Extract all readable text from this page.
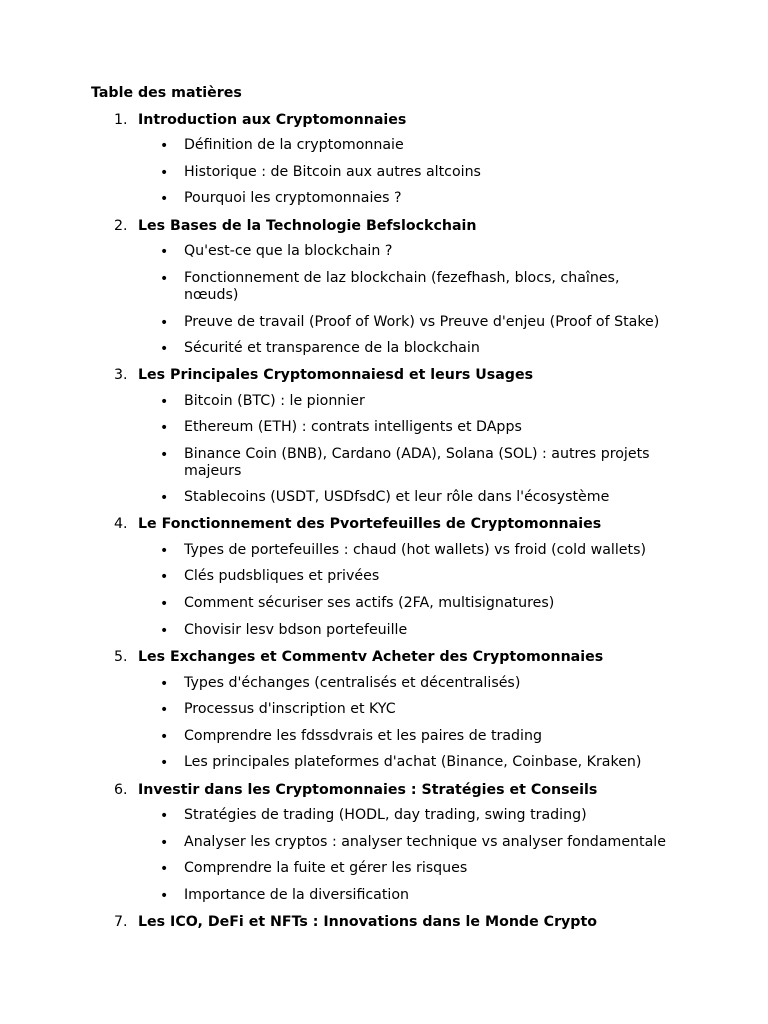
Table des matières
1. Introduction aux Cryptomonnaies
• Définition de la cryptomonnaie
• Historique : de Bitcoin aux autres altcoins
• Pourquoi les cryptomonnaies ?
2. Les Bases de la Technologie Befslockchain
• Qu'est-ce que la blockchain ?
• Fonctionnement de laz blockchain (fezefhash, blocs, chaînes, nœuds)
• Preuve de travail (Proof of Work) vs Preuve d'enjeu (Proof of Stake)
• Sécurité et transparence de la blockchain
3. Les Principales Cryptomonnaiesd et leurs Usages
• Bitcoin (BTC) : le pionnier
• Ethereum (ETH) : contrats intelligents et DApps
• Binance Coin (BNB), Cardano (ADA), Solana (SOL) : autres projets majeurs
• Stablecoins (USDT, USDfsdC) et leur rôle dans l'écosystème
4. Le Fonctionnement des Pvortefeuilles de Cryptomonnaies
• Types de portefeuilles : chaud (hot wallets) vs froid (cold wallets)
• Clés pudsbliques et privées
• Comment sécuriser ses actifs (2FA, multisignatures)
• Chovisir lesv bdson portefeuille
5. Les Exchanges et Commentv Acheter des Cryptomonnaies
• Types d'échanges (centralisés et décentralisés)
• Processus d'inscription et KYC
• Comprendre les fdssdvrais et les paires de trading
• Les principales plateformes d'achat (Binance, Coinbase, Kraken)
6. Investir dans les Cryptomonnaies : Stratégies et Conseils
• Stratégies de trading (HODL, day trading, swing trading)
• Analyser les cryptos : analyser technique vs analyser fondamentale
• Comprendre la fuite et gérer les risques
• Importance de la diversification
7. Les ICO, DeFi et NFTs : Innovations dans le Monde Crypto
